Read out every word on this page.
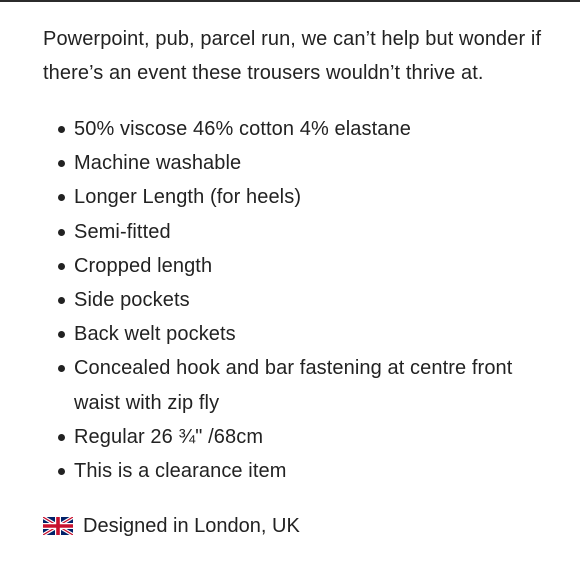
Powerpoint, pub, parcel run, we can’t help but wonder if there’s an event these trousers wouldn’t thrive at.

50% viscose 46% cotton 4% elastane
Machine washable
Longer Length (for heels)
Semi-fitted
Cropped length
Side pockets
Back welt pockets
Concealed hook and bar fastening at centre front waist with zip fly
Regular 26 ¾" /68cm
This is a clearance item
Designed in London, UK
